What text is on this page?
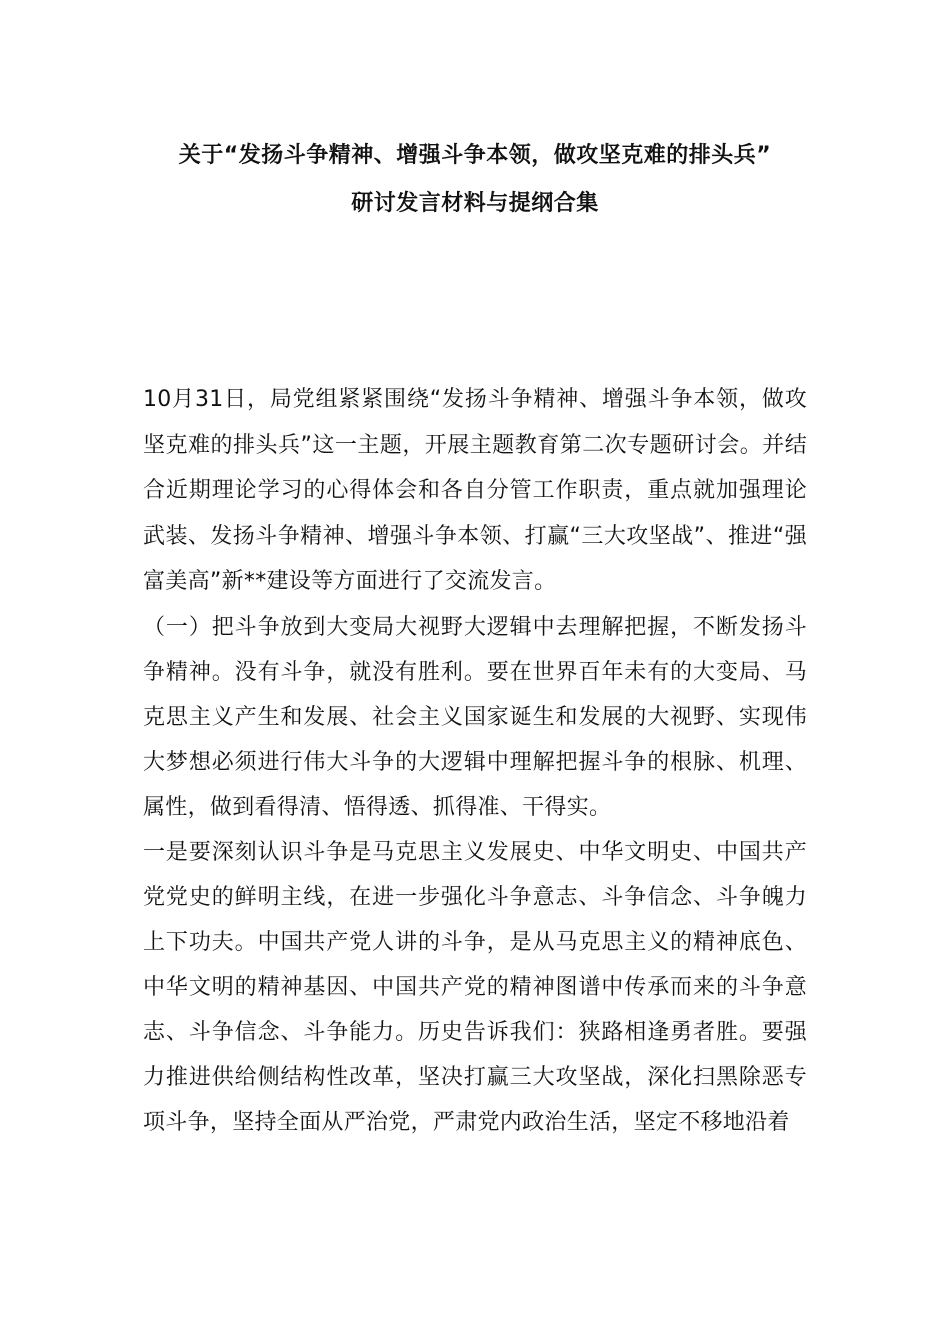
关于“发扬斗争精神、增强斗争本领，做攻坚克难的排头兵”
研讨发言材料与提纲合集

10月31日，局党组紧紧围绕“发扬斗争精神、增强斗争本领，做攻坚克难的排头兵”这一主题，开展主题教育第二次专题研讨会。并结合近期理论学习的心得体会和各自分管工作职责，重点就加强理论武装、发扬斗争精神、增强斗争本领、打赢“三大攻坚战”、推进“强富美高”新**建设等方面进行了交流发言。

（一）把斗争放到大变局大视野大逻辑中去理解把握，不断发扬斗争精神。没有斗争，就没有胜利。要在世界百年未有的大变局、马克思主义产生和发展、社会主义国家诞生和发展的大视野、实现伟大梦想必须进行伟大斗争的大逻辑中理解把握斗争的根脉、机理、属性，做到看得清、悟得透、抓得准、干得实。

一是要深刻认识斗争是马克思主义发展史、中华文明史、中国共产党党史的鲜明主线，在进一步强化斗争意志、斗争信念、斗争魄力上下功夫。中国共产党人讲的斗争，是从马克思主义的精神底色、中华文明的精神基因、中国共产党的精神图谱中传承而来的斗争意志、斗争信念、斗争能力。历史告诉我们：狭路相逢勇者胜。要强力推进供给侧结构性改革，坚决打赢三大攻坚战，深化扫黑除恶专项斗争，坚持全面从严治党，严肃党内政治生活，坚定不移地沿着
